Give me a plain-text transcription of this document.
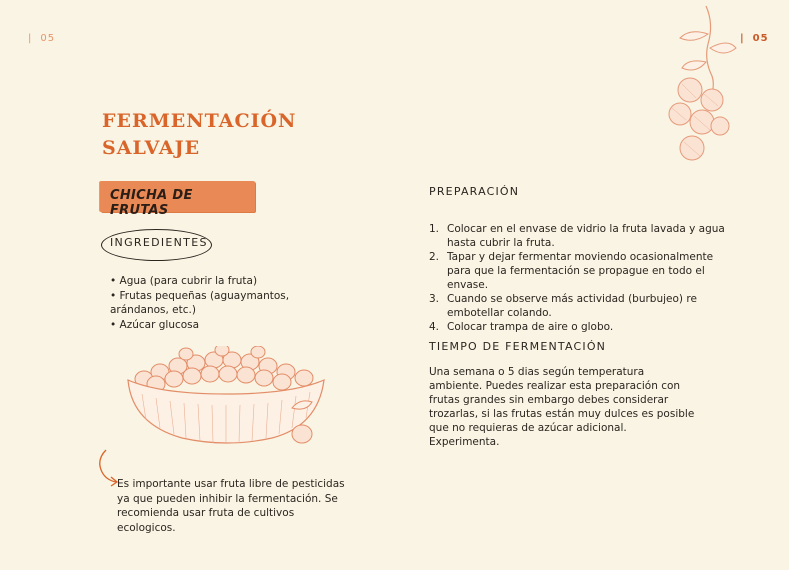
| 05	| 05
FERMENTACIÓN
SALVAJE
CHICHA DE FRUTAS
INGREDIENTES
• Agua (para cubrir la fruta)
• Frutas pequeñas (aguaymantos, arándanos, etc.)
• Azúcar glucosa
Es importante usar fruta libre de pesticidas ya que pueden inhibir la fermentación. Se recomienda usar fruta de cultivos ecologicos.
PREPARACIÓN
1. Colocar en el envase de vidrio la fruta lavada y agua hasta cubrir la fruta.
2. Tapar y dejar fermentar moviendo ocasionalmente para que la fermentación se propague en todo el envase.
3. Cuando se observe más actividad (burbujeo) re embotellar colando.
4. Colocar trampa de aire o globo.
TIEMPO DE FERMENTACIÓN
Una semana o 5 dias según temperatura ambiente. Puedes realizar esta preparación con frutas grandes sin embargo debes considerar trozarlas, si las frutas están muy dulces es posible que no requieras de azúcar adicional. Experimenta.
